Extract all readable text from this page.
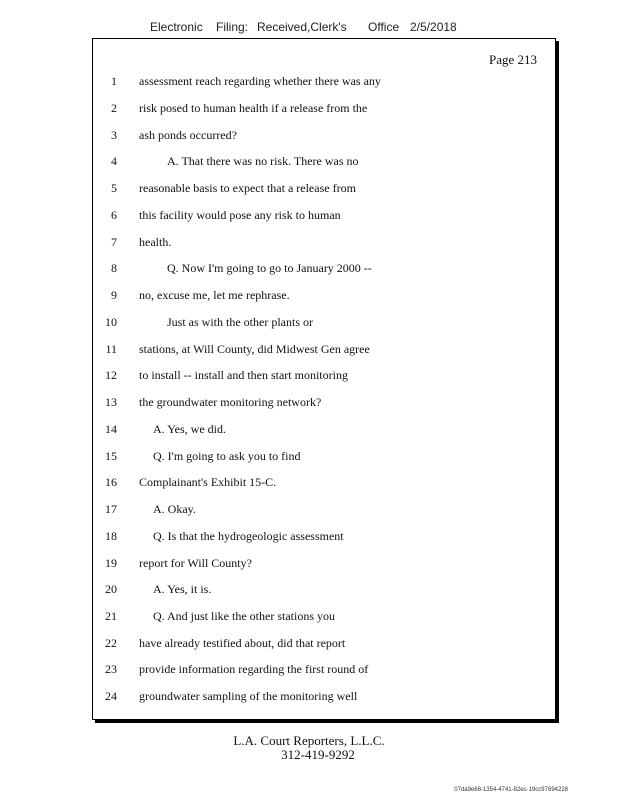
Electronic Filing: Received,Clerk's Office 2/5/2018
Page 213
1 assessment reach regarding whether there was any
2 risk posed to human health if a release from the
3 ash ponds occurred?
4	A. That there was no risk. There was no
5 reasonable basis to expect that a release from
6 this facility would pose any risk to human
7 health.
8	Q. Now I'm going to go to January 2000 --
9 no, excuse me, let me rephrase.
10	Just as with the other plants or
11 stations, at Will County, did Midwest Gen agree
12 to install -- install and then start monitoring
13 the groundwater monitoring network?
14	A. Yes, we did.
15	Q. I'm going to ask you to find
16 Complainant's Exhibit 15-C.
17	A. Okay.
18	Q. Is that the hydrogeologic assessment
19 report for Will County?
20	A. Yes, it is.
21	Q. And just like the other stations you
22 have already testified about, did that report
23 provide information regarding the first round of
24 groundwater sampling of the monitoring well
L.A. Court Reporters, L.L.C.
312-419-9292
07da9e68-1354-4741-82ec-19cc97894228
